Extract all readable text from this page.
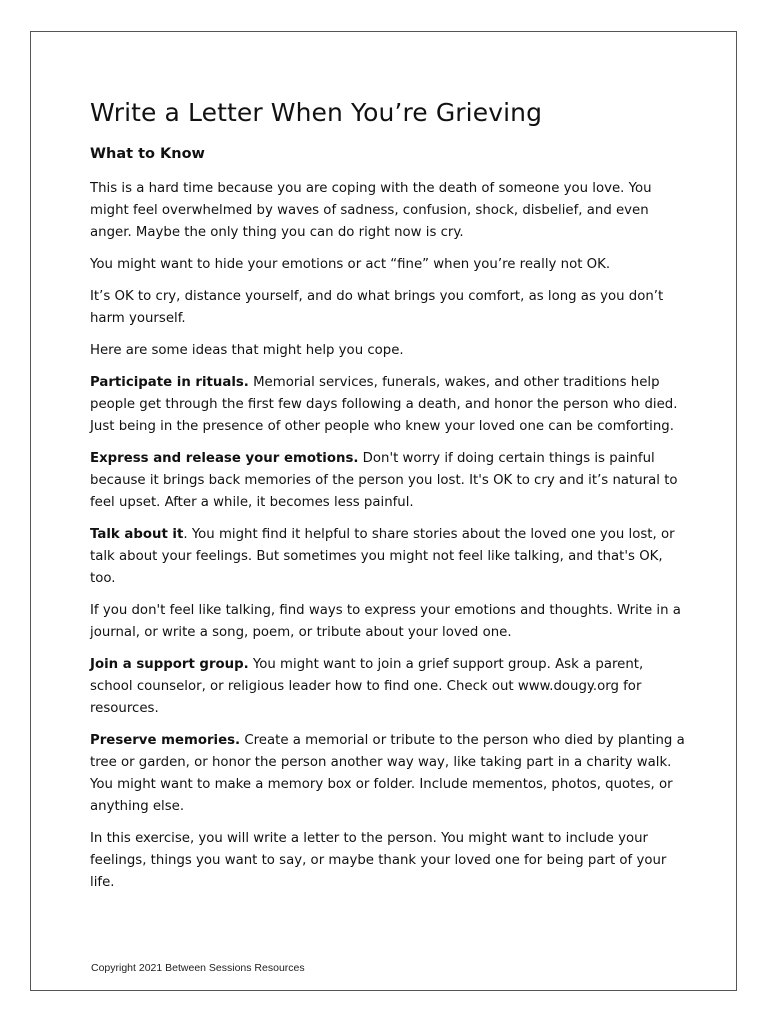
Write a Letter When You’re Grieving
What to Know

This is a hard time because you are coping with the death of someone you love. You might feel overwhelmed by waves of sadness, confusion, shock, disbelief, and even anger. Maybe the only thing you can do right now is cry.

You might want to hide your emotions or act “fine” when you’re really not OK.

It’s OK to cry, distance yourself, and do what brings you comfort, as long as you don’t harm yourself.

Here are some ideas that might help you cope.

Participate in rituals. Memorial services, funerals, wakes, and other traditions help people get through the first few days following a death, and honor the person who died. Just being in the presence of other people who knew your loved one can be comforting.

Express and release your emotions. Don't worry if doing certain things is painful because it brings back memories of the person you lost. It's OK to cry and it’s natural to feel upset. After a while, it becomes less painful.

Talk about it. You might find it helpful to share stories about the loved one you lost, or talk about your feelings. But sometimes you might not feel like talking, and that's OK, too.

If you don't feel like talking, find ways to express your emotions and thoughts. Write in a journal, or write a song, poem, or tribute about your loved one.

Join a support group. You might want to join a grief support group. Ask a parent, school counselor, or religious leader how to find one. Check out www.dougy.org for resources.

Preserve memories. Create a memorial or tribute to the person who died by planting a tree or garden, or honor the person another way way, like taking part in a charity walk. You might want to make a memory box or folder. Include mementos, photos, quotes, or anything else.

In this exercise, you will write a letter to the person. You might want to include your feelings, things you want to say, or maybe thank your loved one for being part of your life.

Copyright 2021 Between Sessions Resources
